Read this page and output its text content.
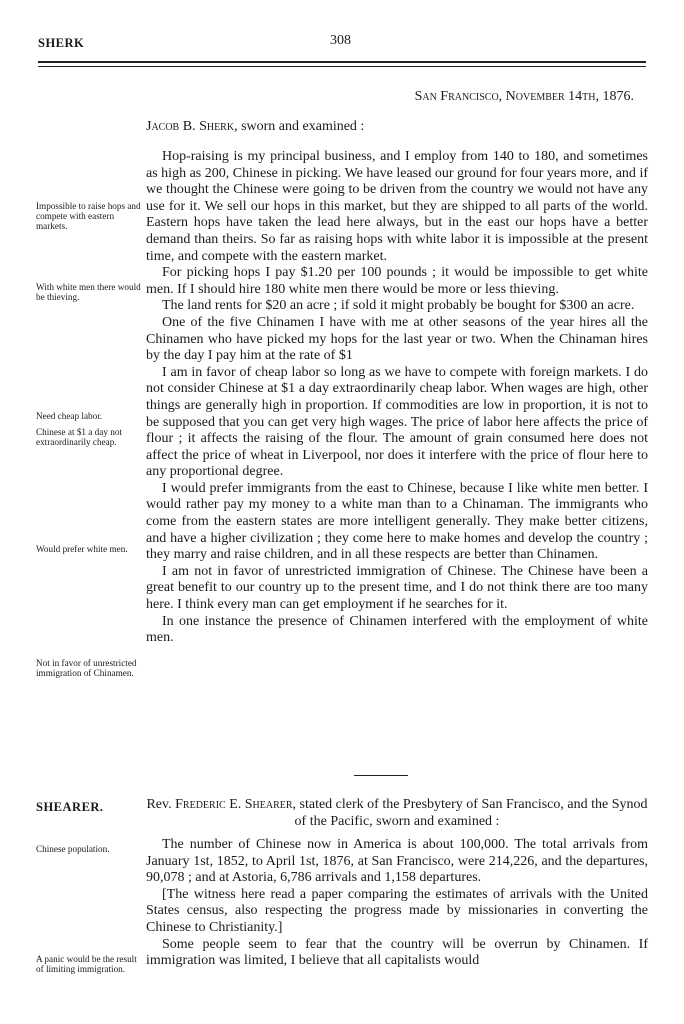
SHERK	308
San Francisco, November 14th, 1876.
Jacob B. Sherk, sworn and examined :

Hop-raising is my principal business, and I employ from 140 to 180, and sometimes as high as 200, Chinese in picking. We have leased our ground for four years more, and if we thought the Chinese were going to be driven from the country we would not have any use for it. We sell our hops in this market, but they are shipped to all parts of the world. Eastern hops have taken the lead here always, but in the east our hops have a better demand than theirs. So far as raising hops with white labor it is impossible at the present time, and compete with the eastern market.

For picking hops I pay $1.20 per 100 pounds ; it would be impossible to get white men. If I should hire 180 white men there would be more or less thieving.

The land rents for $20 an acre ; if sold it might probably be bought for $300 an acre.

One of the five Chinamen I have with me at other seasons of the year hires all the Chinamen who have picked my hops for the last year or two. When the Chinaman hires by the day I pay him at the rate of $1

I am in favor of cheap labor so long as we have to compete with foreign markets. I do not consider Chinese at $1 a day extraordinarily cheap labor. When wages are high, other things are generally high in proportion. If commodities are low in proportion, it is not to be supposed that you can get very high wages. The price of labor here affects the price of flour ; it affects the raising of the flour. The amount of grain consumed here does not affect the price of wheat in Liverpool, nor does it interfere with the price of flour here to any proportional degree.

I would prefer immigrants from the east to Chinese, because I like white men better. I would rather pay my money to a white man than to a Chinaman. The immigrants who come from the eastern states are more intelligent generally. They make better citizens, and have a higher civilization ; they come here to make homes and develop the country ; they marry and raise children, and in all these respects are better than Chinamen.

I am not in favor of unrestricted immigration of Chinese. The Chinese have been a great benefit to our country up to the present time, and I do not think there are too many here. I think every man can get employment if he searches for it.

In one instance the presence of Chinamen interfered with the employment of white men.

Impossible to raise hops and compete with eastern markets.
With white men there would be thieving.
Need cheap labor.
Chinese at $1 a day not extraordinarily cheap.
Would prefer white men.
Not in favor of unrestricted immigration of Chinamen.
SHEARER.	Rev. Frederic E. Shearer, stated clerk of the Presbytery of San Francisco, and the Synod of the Pacific, sworn and examined :

The number of Chinese now in America is about 100,000. The total arrivals from January 1st, 1852, to April 1st, 1876, at San Francisco, were 214,226, and the departures, 90,078 ; and at Astoria, 6,786 arrivals and 1,158 departures.

[The witness here read a paper comparing the estimates of arrivals with the United States census, also respecting the progress made by missionaries in converting the Chinese to Christianity.]

Some people seem to fear that the country will be overrun by Chinamen. If immigration was limited, I believe that all capitalists would

Chinese population.
A panic would be the result of limiting immigration.
